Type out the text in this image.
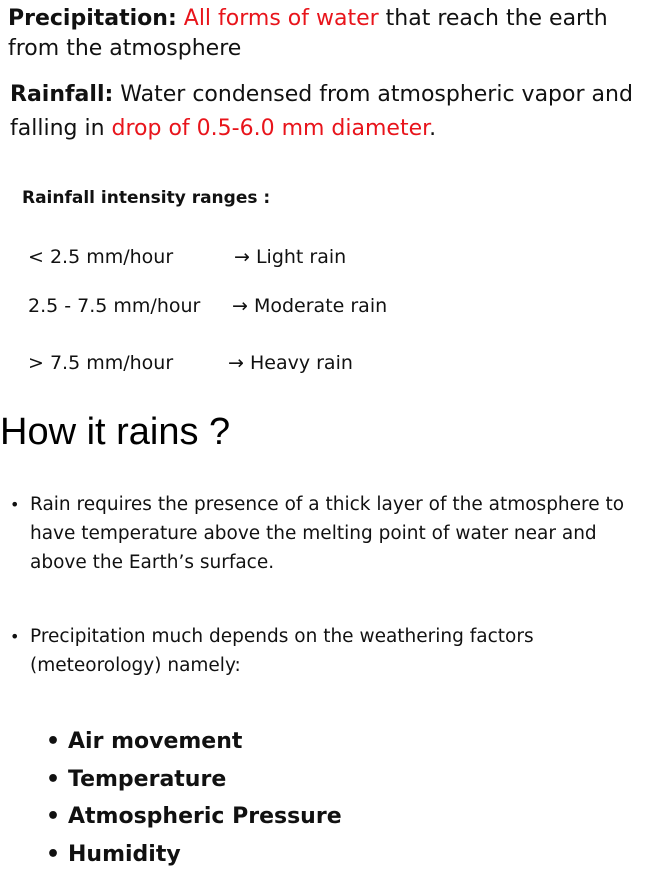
Precipitation: All forms of water that reach the earth from the atmosphere
Rainfall: Water condensed from atmospheric vapor and falling in drop of 0.5-6.0 mm diameter.
Rainfall intensity ranges :
< 2.5 mm/hour	→ Light rain
2.5 - 7.5 mm/hour → Moderate rain
> 7.5 mm/hour	→ Heavy rain
How it rains ?
• Rain requires the presence of a thick layer of the atmosphere to have temperature above the melting point of water near and above the Earth’s surface.
• Precipitation much depends on the weathering factors (meteorology) namely:
• Air movement
• Temperature
• Atmospheric Pressure
• Humidity
